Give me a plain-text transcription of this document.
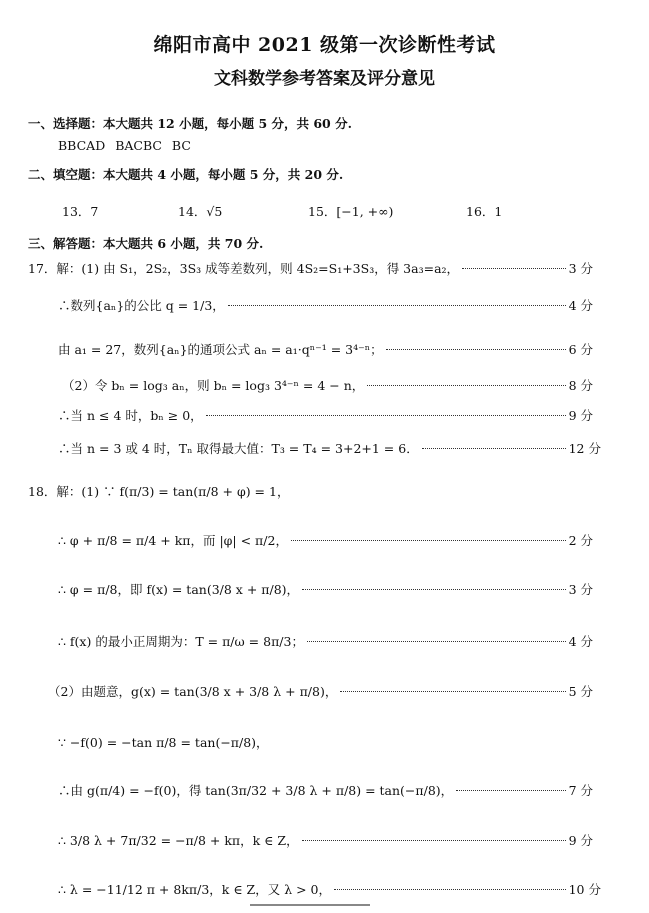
绵阳市高中 2021 级第一次诊断性考试
文科数学参考答案及评分意见
一、选择题：本大题共 12 小题，每小题 5 分，共 60 分.
BBCAD BACBC BC
二、填空题：本大题共 4 小题，每小题 5 分，共 20 分.
13．7	14．√5	15．[−1, +∞)	16．1
三、解答题：本大题共 6 小题，共 70 分.
17．解：(1) 由 S₁，2S₂，3S₃ 成等差数列，则 4S₂=S₁+3S₃，得 3a₃=a₂，	3 分
∴数列{aₙ}的公比 q = 1/3，	4 分
由 a₁ = 27，数列{aₙ}的通项公式 aₙ = a₁·qⁿ⁻¹ = 3⁴⁻ⁿ；	6 分
（2）令 bₙ = log₃ aₙ，则 bₙ = log₃ 3⁴⁻ⁿ = 4 − n，	8 分
∴当 n ≤ 4 时，bₙ ≥ 0，	9 分
∴当 n = 3 或 4 时，Tₙ 取得最大值：T₃ = T₄ = 3+2+1 = 6．	12 分
18．解：(1) ∵ f(π/3) = tan(π/8 + φ) = 1，
∴ φ + π/8 = π/4 + kπ，而 |φ| < π/2，	2 分
∴ φ = π/8，即 f(x) = tan(3/8 x + π/8)，	3 分
∴ f(x) 的最小正周期为：T = π/ω = 8π/3；	4 分
（2）由题意，g(x) = tan(3/8 x + 3/8 λ + π/8)，	5 分
∵ −f(0) = −tan π/8 = tan(−π/8)，
∴由 g(π/4) = −f(0)，得 tan(3π/32 + 3/8 λ + π/8) = tan(−π/8)，	7 分
∴ 3/8 λ + 7π/32 = −π/8 + kπ，k ∈ Z，	9 分
∴ λ = −11/12 π + 8kπ/3，k ∈ Z，又 λ > 0，	10 分
